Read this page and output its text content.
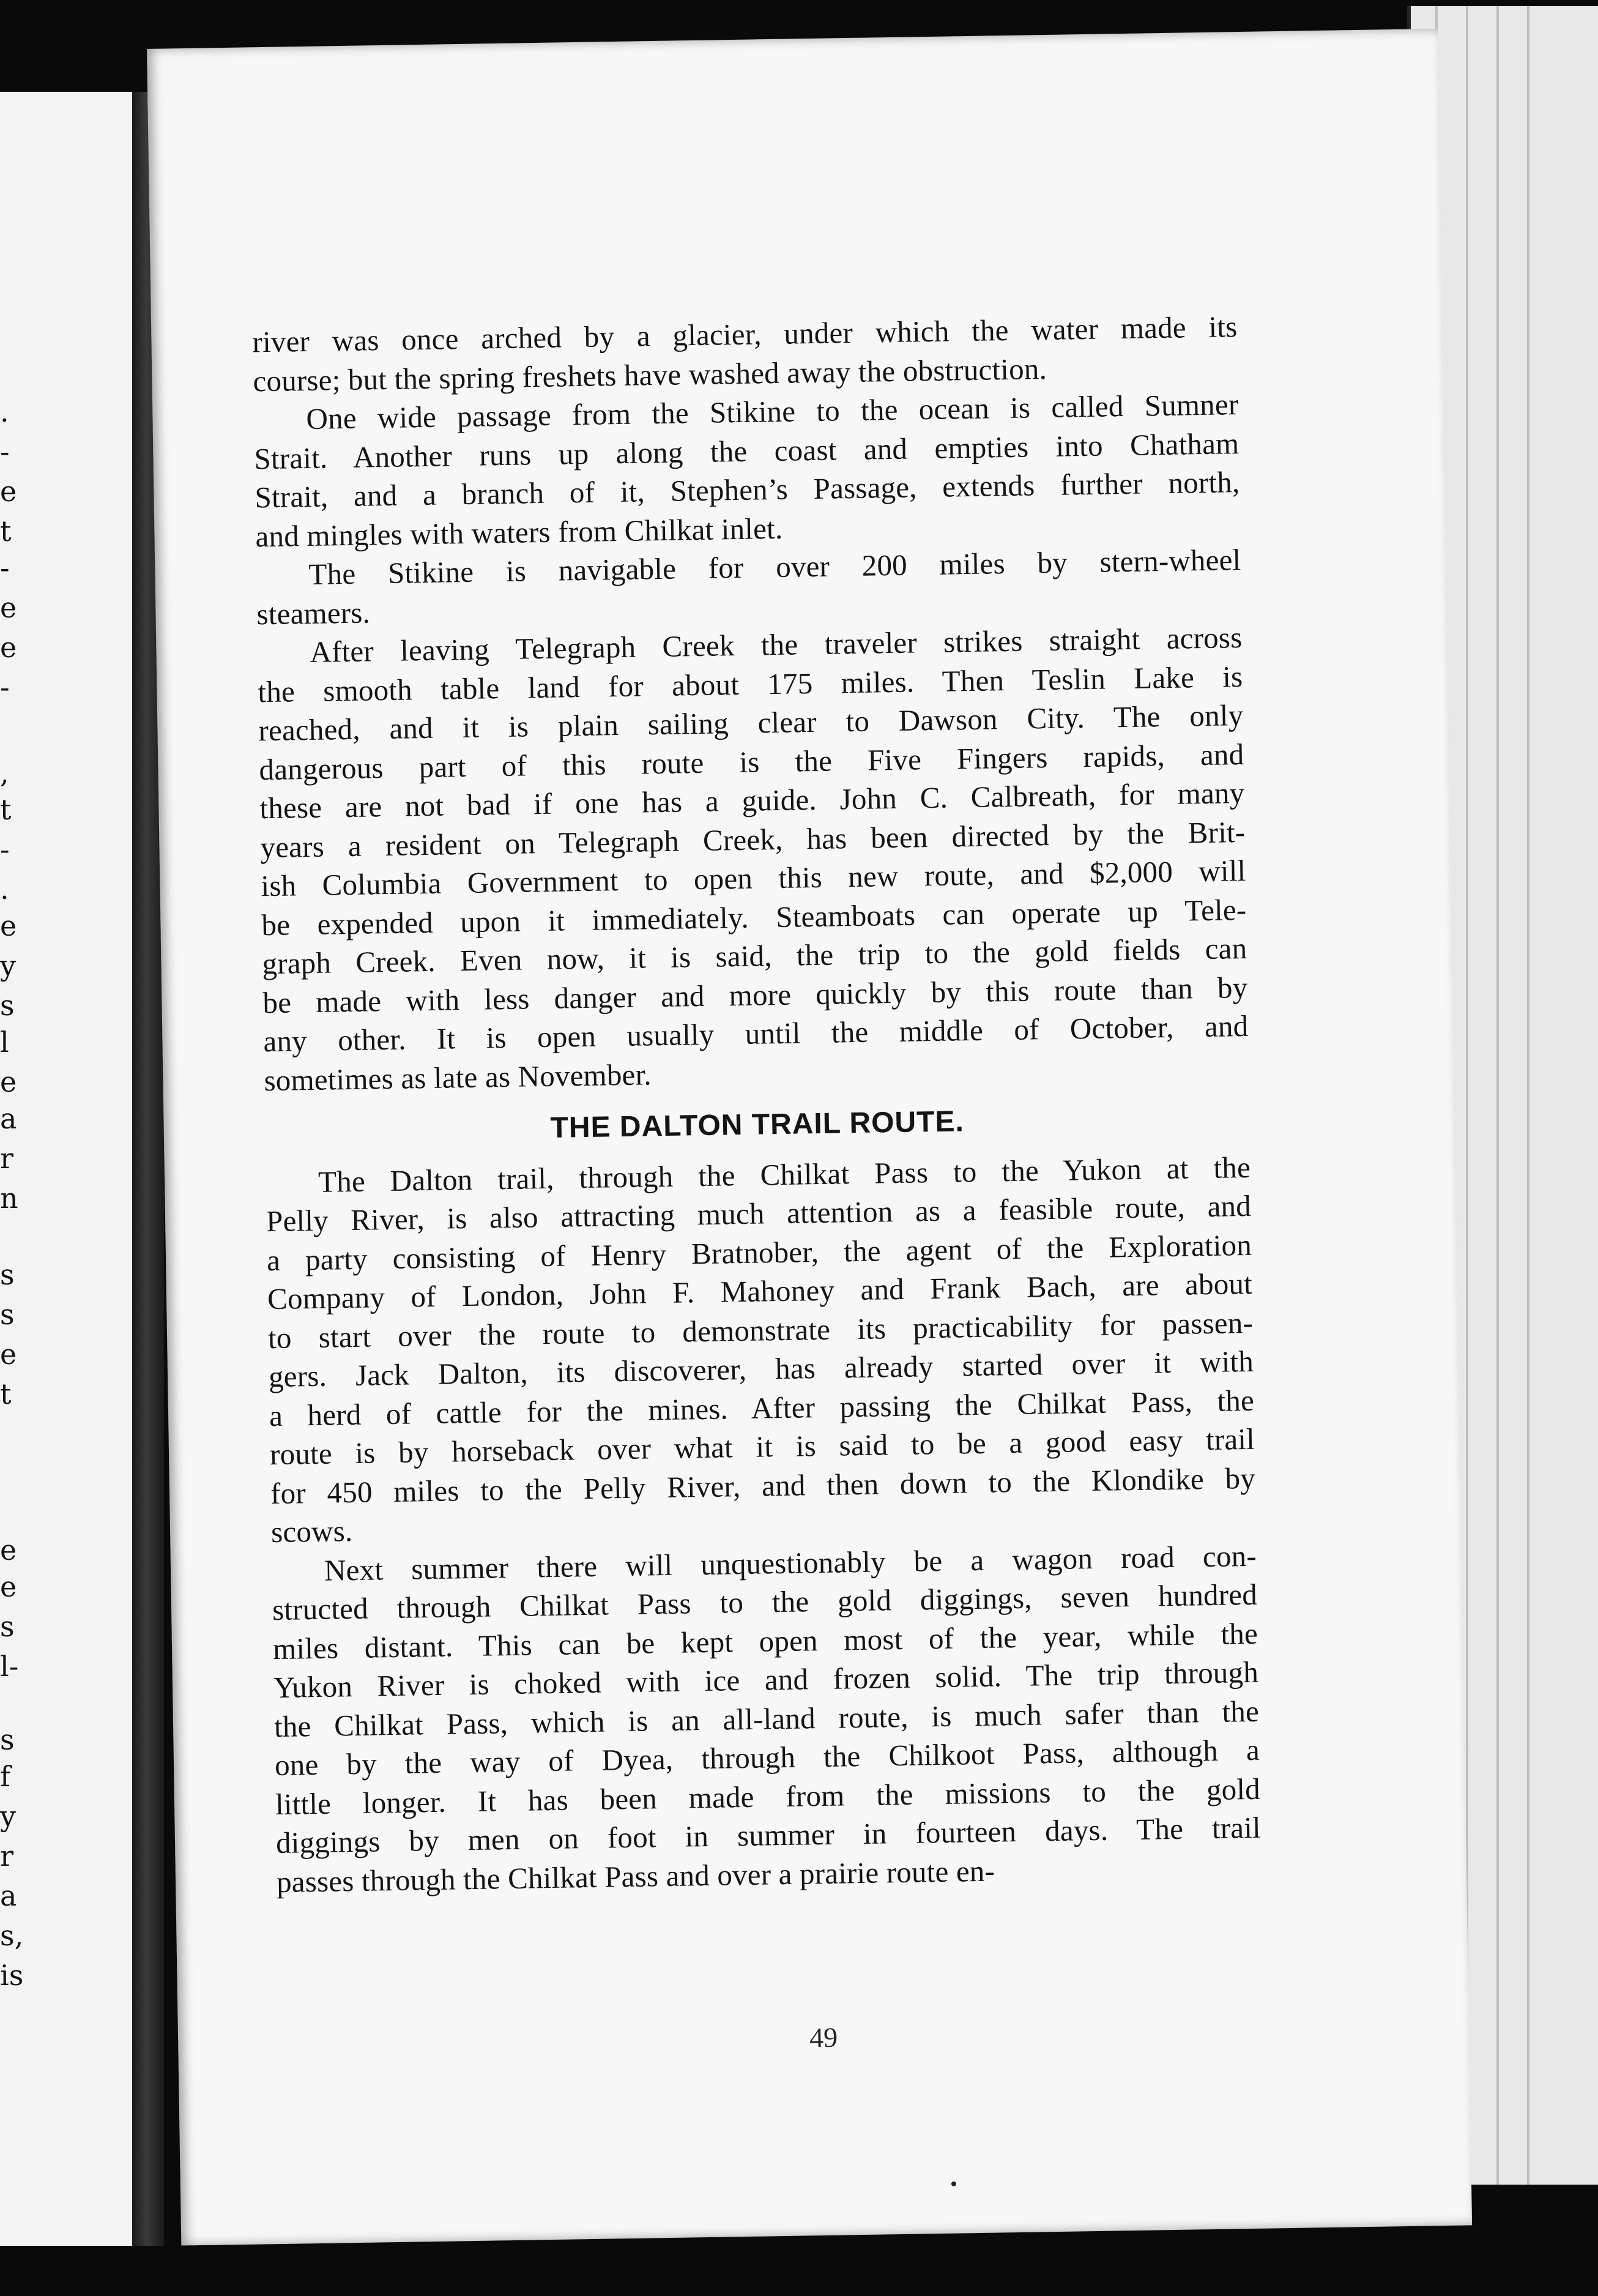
.
-
e
t
-
e
e
-
,
t
-
.
e
y
s
l
e
a
r
n
s
s
e
t
e
e
s
l-
s
f
y
r
a
s,
is

river was once arched by a glacier, under which the water made its
course; but the spring freshets have washed away the obstruction.

One wide passage from the Stikine to the ocean is called Sumner
Strait. Another runs up along the coast and empties into Chatham
Strait, and a branch of it, Stephen’s Passage, extends further north,
and mingles with waters from Chilkat inlet.

The Stikine is navigable for over 200 miles by stern-wheel
steamers.

After leaving Telegraph Creek the traveler strikes straight across
the smooth table land for about 175 miles. Then Teslin Lake is
reached, and it is plain sailing clear to Dawson City. The only
dangerous part of this route is the Five Fingers rapids, and
these are not bad if one has a guide. John C. Calbreath, for many
years a resident on Telegraph Creek, has been directed by the Brit-
ish Columbia Government to open this new route, and $2,000 will
be expended upon it immediately. Steamboats can operate up Tele-
graph Creek. Even now, it is said, the trip to the gold fields can
be made with less danger and more quickly by this route than by
any other. It is open usually until the middle of October, and
sometimes as late as November.

THE DALTON TRAIL ROUTE.

The Dalton trail, through the Chilkat Pass to the Yukon at the
Pelly River, is also attracting much attention as a feasible route, and
a party consisting of Henry Bratnober, the agent of the Exploration
Company of London, John F. Mahoney and Frank Bach, are about
to start over the route to demonstrate its practicability for passen-
gers. Jack Dalton, its discoverer, has already started over it with
a herd of cattle for the mines. After passing the Chilkat Pass, the
route is by horseback over what it is said to be a good easy trail
for 450 miles to the Pelly River, and then down to the Klondike by
scows.

Next summer there will unquestionably be a wagon road con-
structed through Chilkat Pass to the gold diggings, seven hundred
miles distant. This can be kept open most of the year, while the
Yukon River is choked with ice and frozen solid. The trip through
the Chilkat Pass, which is an all-land route, is much safer than the
one by the way of Dyea, through the Chilkoot Pass, although a
little longer. It has been made from the missions to the gold
diggings by men on foot in summer in fourteen days. The trail
passes through the Chilkat Pass and over a prairie route en-

49
